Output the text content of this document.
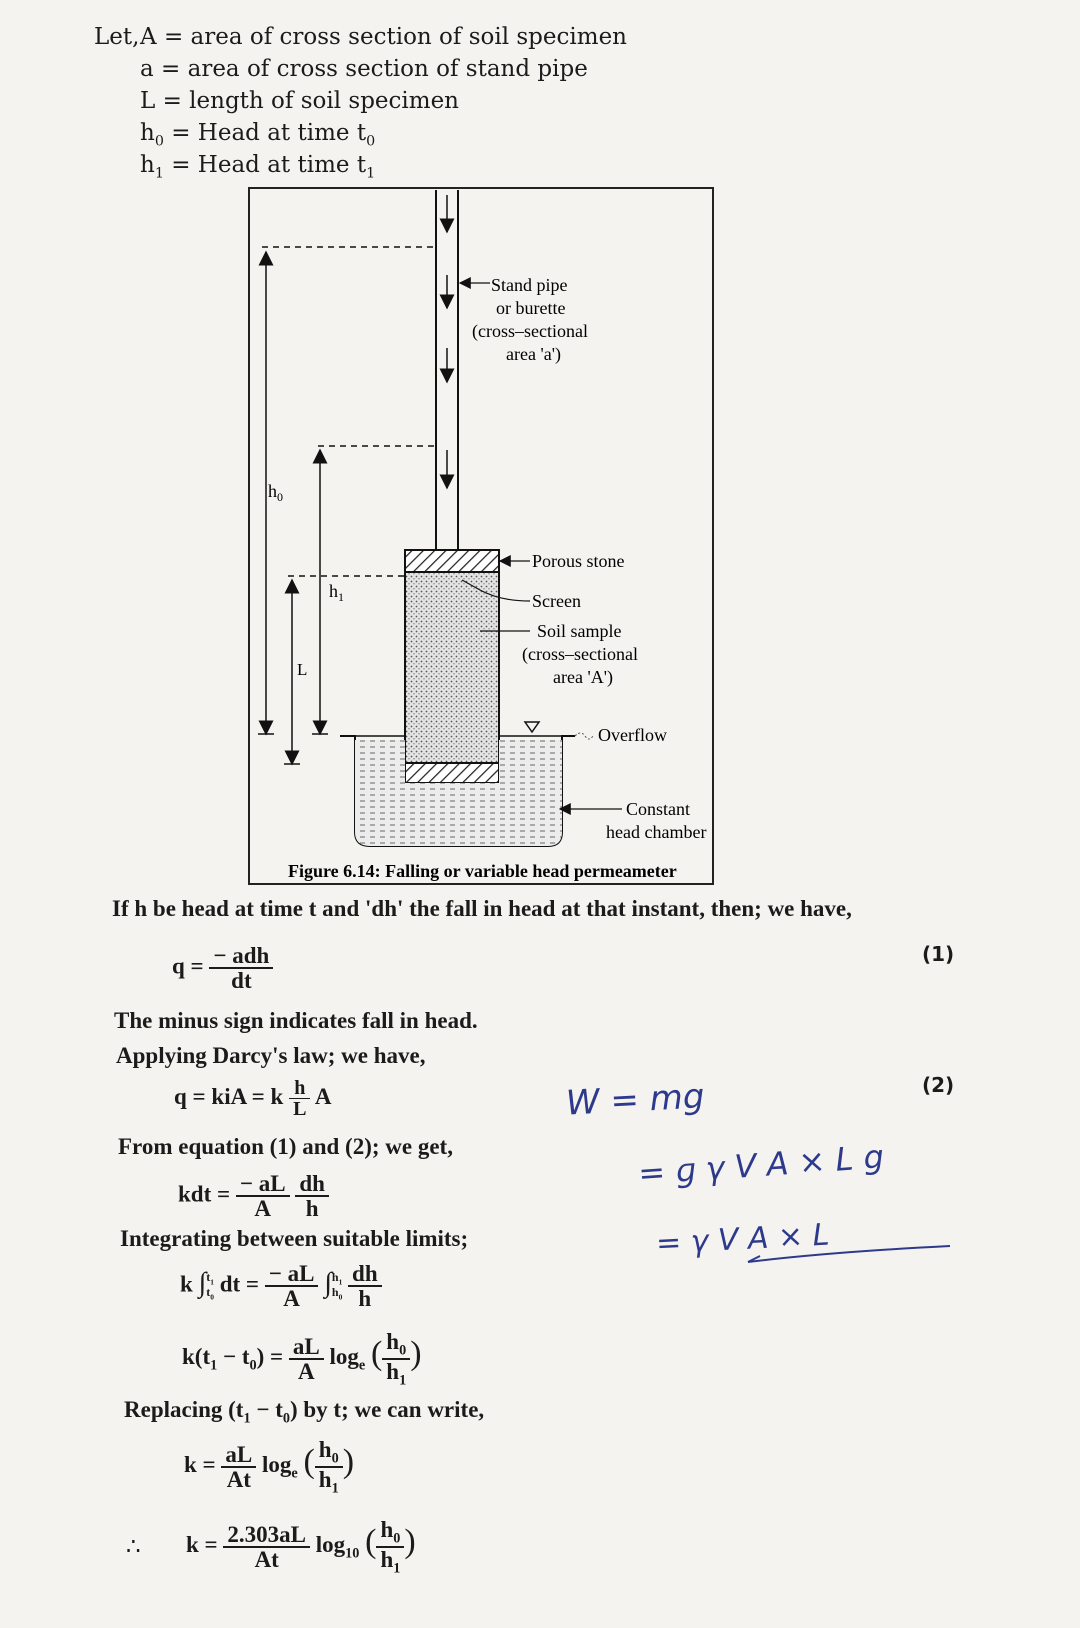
Let, A = area of cross section of soil specimen
a = area of cross section of stand pipe
L = length of soil specimen
$h_0$ = Head at time $t_0$
$h_1$ = Head at time $t_1$
Stand pipe
or burette
(cross–sectional
area 'a')
Porous stone
Screen
Soil sample
(cross–sectional
area 'A')
Overflow
Constant
head chamber
$h_0$
$h_1$
L
Figure 6.14: Falling or variable head permeameter
If h be head at time t and 'dh' the fall in head at that instant, then; we have,
$q = \frac{\text{− adh}}{dt}$	(1)
The minus sign indicates fall in head.
Applying Darcy's law; we have,
q = kiA = k $\frac{h}{L}$ A	(2)
From equation (1) and (2); we get,
kdt = $\frac{- aL}{A}$
$\frac{dh}{h}$
Integrating between suitable limits;
k ∫ $t_1$
$t_0$
dt = $\frac{- aL}{A}$ ∫ $h_1$
$h_0$
$\frac{dh}{h}$
$k(t_1 - t_0) = \frac{aL}{A} \log_e$ ( $\frac{h_0}{h_1}$ )
Replacing $(t_1 - t_0)$ by t; we can write,
$k = \frac{aL}{At} \log_e$ ( $\frac{h_0}{h_1}$ )
∴ $k = \frac{2.303aL}{At} \log_{10}$ ( $\frac{h_0}{h_1}$ )
W = mg
= ɡ γ V A × L g
= γ V A × L
